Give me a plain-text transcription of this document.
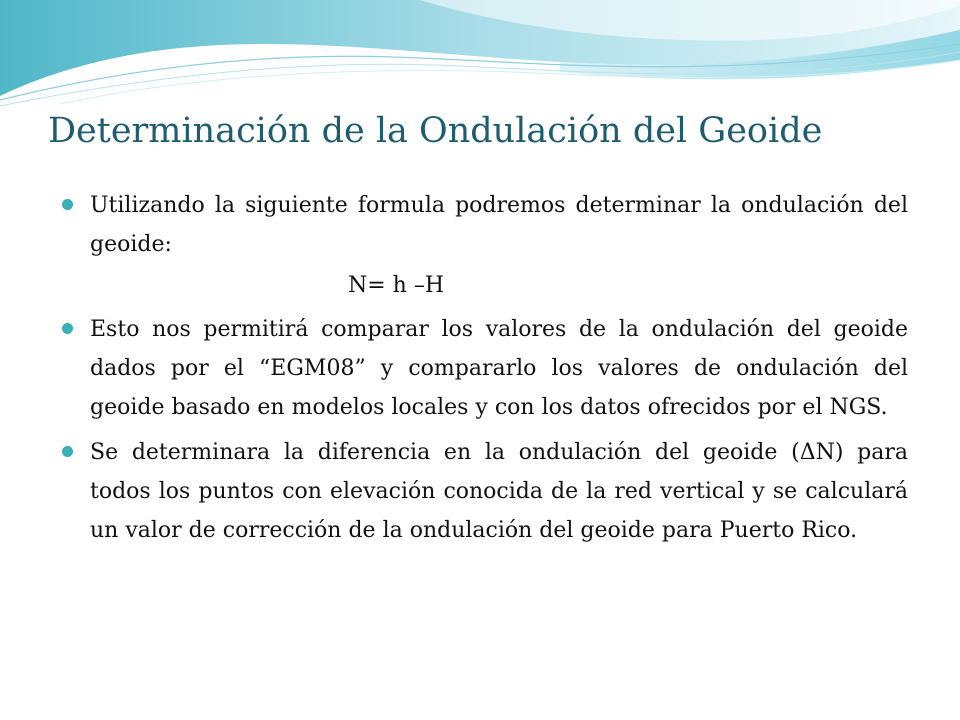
Determinación de la Ondulación del Geoide
Utilizando la siguiente formula podremos determinar la ondulación del geoide:
N= h –H
Esto nos permitirá comparar los valores de la ondulación del geoide dados por el “EGM08” y compararlo los valores de ondulación del geoide basado en modelos locales y con los datos ofrecidos por el NGS.
Se determinara la diferencia en la ondulación del geoide (ΔN) para todos los puntos con elevación conocida de la red vertical y se calculará un valor de corrección de la ondulación del geoide para Puerto Rico.
